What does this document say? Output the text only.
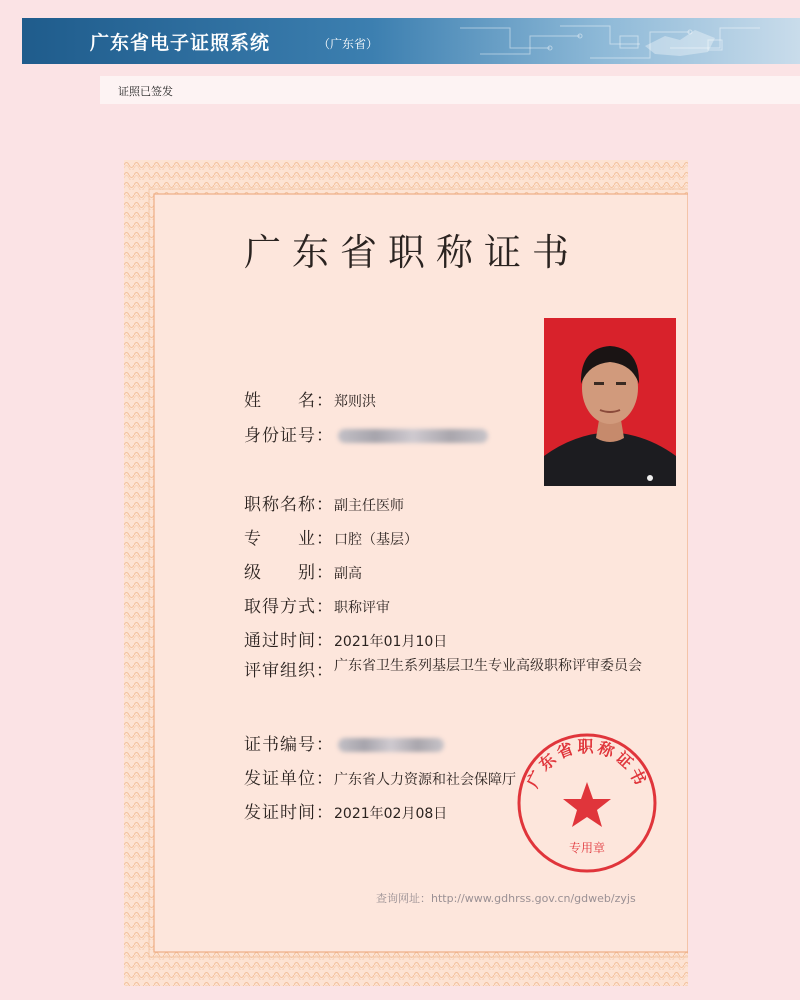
广东省电子证照系统	（广东省）
证照已签发
广东省职称证书
姓　　名：郑则洪
身份证号：
职称名称：副主任医师
专　　业：口腔（基层）
级　　别：副高
取得方式：职称评审
通过时间：2021年01月10日
评审组织： 广东省卫生系列基层卫生专业高级职称评审委员会
证书编号：
发证单位：广东省人力资源和社会保障厅
发证时间：2021年02月08日
查询网址：http://www.gdhrss.gov.cn/gdweb/zyjs
广东省职称证书
专用章
